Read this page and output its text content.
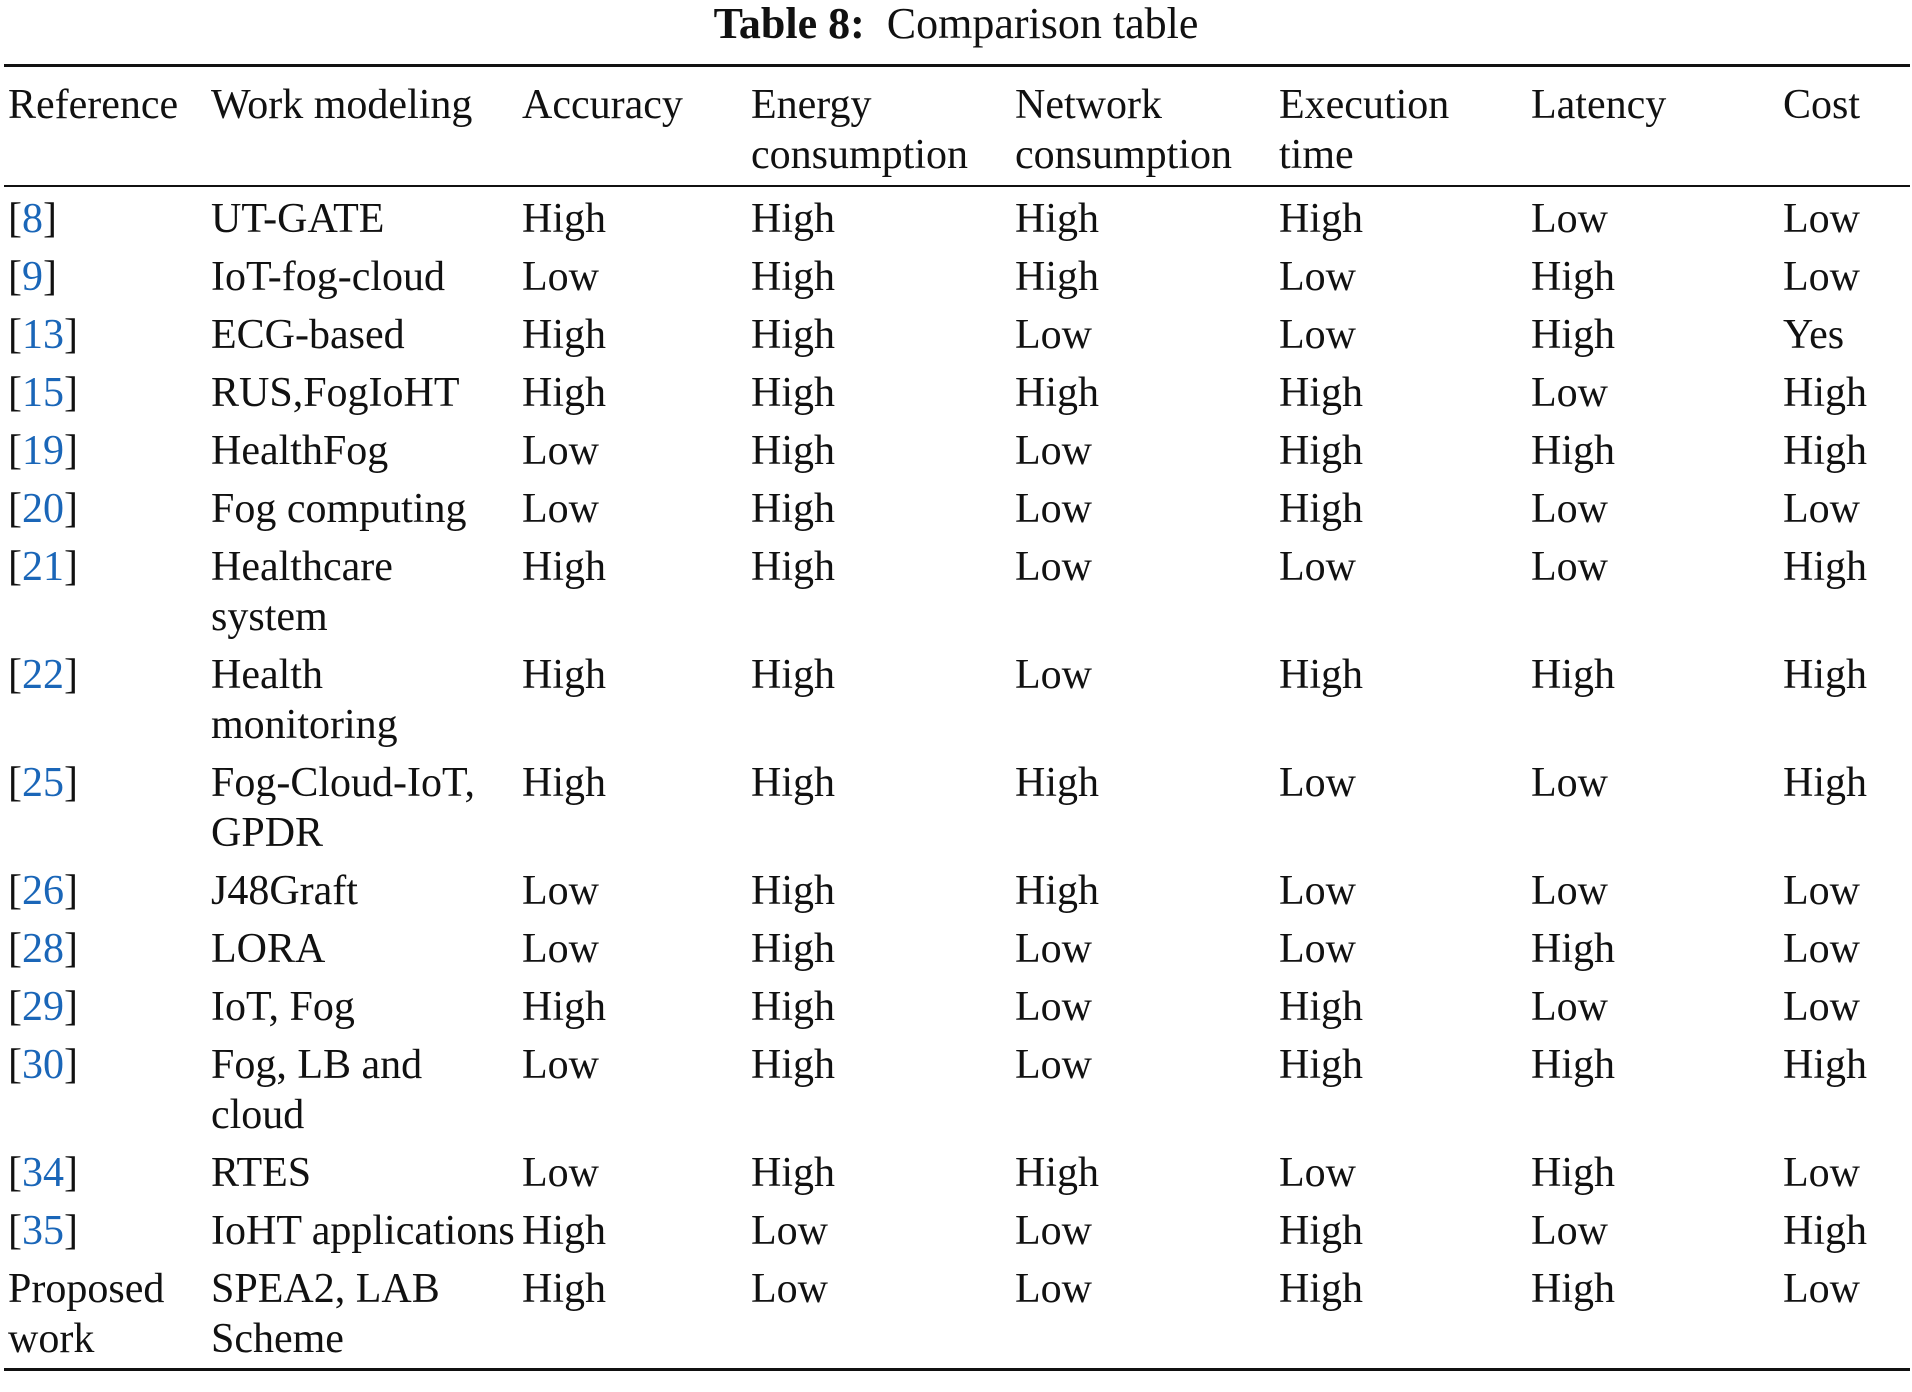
Table 8: Comparison table
Reference	Work modeling	Accuracy	Energy consumption	Network consumption	Execution time	Latency	Cost
[8]	UT-GATE	High	High	High	High	Low	Low
[9]	IoT-fog-cloud	Low	High	High	Low	High	Low
[13]	ECG-based	High	High	Low	Low	High	Yes
[15]	RUS,FogIoHT	High	High	High	High	Low	High
[19]	HealthFog	Low	High	Low	High	High	High
[20]	Fog computing	Low	High	Low	High	Low	Low
[21]	Healthcare system	High	High	Low	Low	Low	High
[22]	Health monitoring	High	High	Low	High	High	High
[25]	Fog-Cloud-IoT, GPDR	High	High	High	Low	Low	High
[26]	J48Graft	Low	High	High	Low	Low	Low
[28]	LORA	Low	High	Low	Low	High	Low
[29]	IoT, Fog	High	High	Low	High	Low	Low
[30]	Fog, LB and cloud	Low	High	Low	High	High	High
[34]	RTES	Low	High	High	Low	High	Low
[35]	IoHT applications	High	Low	Low	High	Low	High
Proposed work	SPEA2, LAB Scheme	High	Low	Low	High	High	Low
